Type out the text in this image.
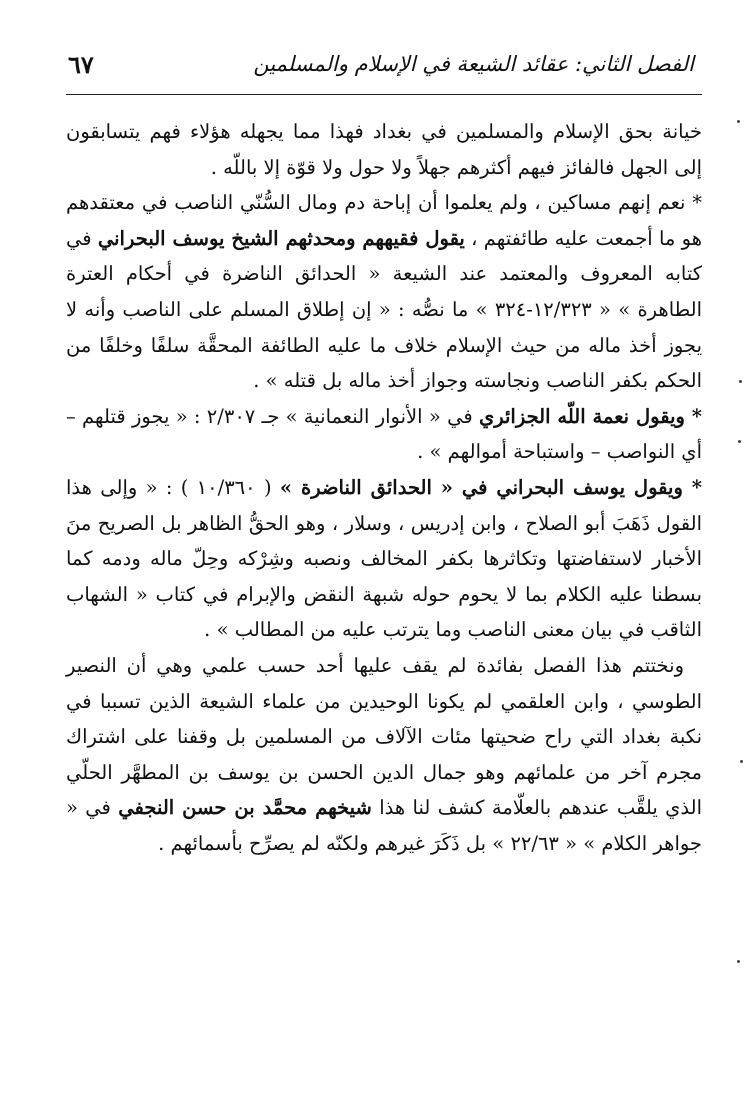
الفصل الثاني: عقائد الشيعة في الإسلام والمسلمين
٦٧

خيانة بحق الإسلام والمسلمين في بغداد فهذا مما يجهله هؤلاء فهم يتسابقون إلى الجهل فالفائز فيهم أكثرهم جهلاً ولا حول ولا قوّة إلا باللّه .

* نعم إنهم مساكين ، ولم يعلموا أن إباحة دم ومال السُّنّي الناصب في معتقدهم هو ما أجمعت عليه طائفتهم ، يقول فقيههم ومحدثهم الشيخ يوسف البحراني في كتابه المعروف والمعتمد عند الشيعة « الحدائق الناضرة في أحكام العترة الطاهرة » « ١٢/٣٢٣-٣٢٤ » ما نصُّه : « إن إطلاق المسلم على الناصب وأنه لا يجوز أخذ ماله من حيث الإسلام خلاف ما عليه الطائفة المحقَّة سلفًا وخلفًا من الحكم بكفر الناصب ونجاسته وجواز أخذ ماله بل قتله » .

* ويقول نعمة اللّه الجزائري في « الأنوار النعمانية » جـ ٢/٣٠٧ : « يجوز قتلهم – أي النواصب – واستباحة أموالهم » .

* ويقول يوسف البحراني في « الحدائق الناضرة » ( ١٠/٣٦٠ ) : « وإلى هذا القول ذَهَبَ أبو الصلاح ، وابن إدريس ، وسلار ، وهو الحقُّ الظاهر بل الصريح منَ الأخبار لاستفاضتها وتكاثرها بكفر المخالف ونصبه وشِرْكه وحِلّ ماله ودمه كما بسطنا عليه الكلام بما لا يحوم حوله شبهة النقض والإبرام في كتاب « الشهاب الثاقب في بيان معنى الناصب وما يترتب عليه من المطالب » .

ونختتم هذا الفصل بفائدة لم يقف عليها أحد حسب علمي وهي أن النصير الطوسي ، وابن العلقمي لم يكونا الوحيدين من علماء الشيعة الذين تسببا في نكبة بغداد التي راح ضحيتها مئات الآلاف من المسلمين بل وقفنا على اشتراك مجرم آخر من علمائهم وهو جمال الدين الحسن بن يوسف بن المطهَّر الحلّي الذي يلقَّب عندهم بالعلّامة كشف لنا هذا شيخهم محمَّد بن حسن النجفي في « جواهر الكلام » « ٢٢/٦٣ » بل ذَكَرَ غيرهم ولكنّه لم يصرِّح بأسمائهم .
